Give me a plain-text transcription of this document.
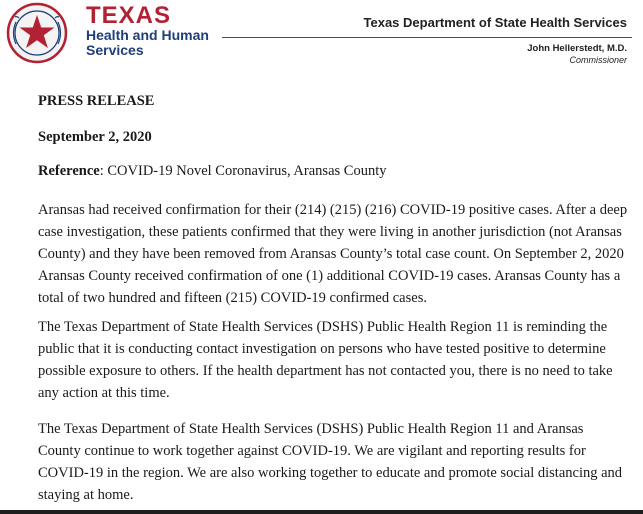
TEXAS
Health and Human
Services
Texas Department of State Health Services
John Hellerstedt, M.D.
Commissioner
PRESS RELEASE
September 2, 2020
Reference: COVID-19 Novel Coronavirus, Aransas County

Aransas had received confirmation for their (214) (215) (216) COVID-19 positive cases. After a deep case investigation, these patients confirmed that they were living in another jurisdiction (not Aransas County) and they have been removed from Aransas County’s total case count. On September 2, 2020 Aransas County received confirmation of one (1) additional COVID-19 cases. Aransas County has a total of two hundred and fifteen (215) COVID-19 confirmed cases.

The Texas Department of State Health Services (DSHS) Public Health Region 11 is reminding the public that it is conducting contact investigation on persons who have tested positive to determine possible exposure to others. If the health department has not contacted you, there is no need to take any action at this time.

The Texas Department of State Health Services (DSHS) Public Health Region 11 and Aransas County continue to work together against COVID-19. We are vigilant and reporting results for COVID-19 in the region. We are also working together to educate and promote social distancing and staying at home.
